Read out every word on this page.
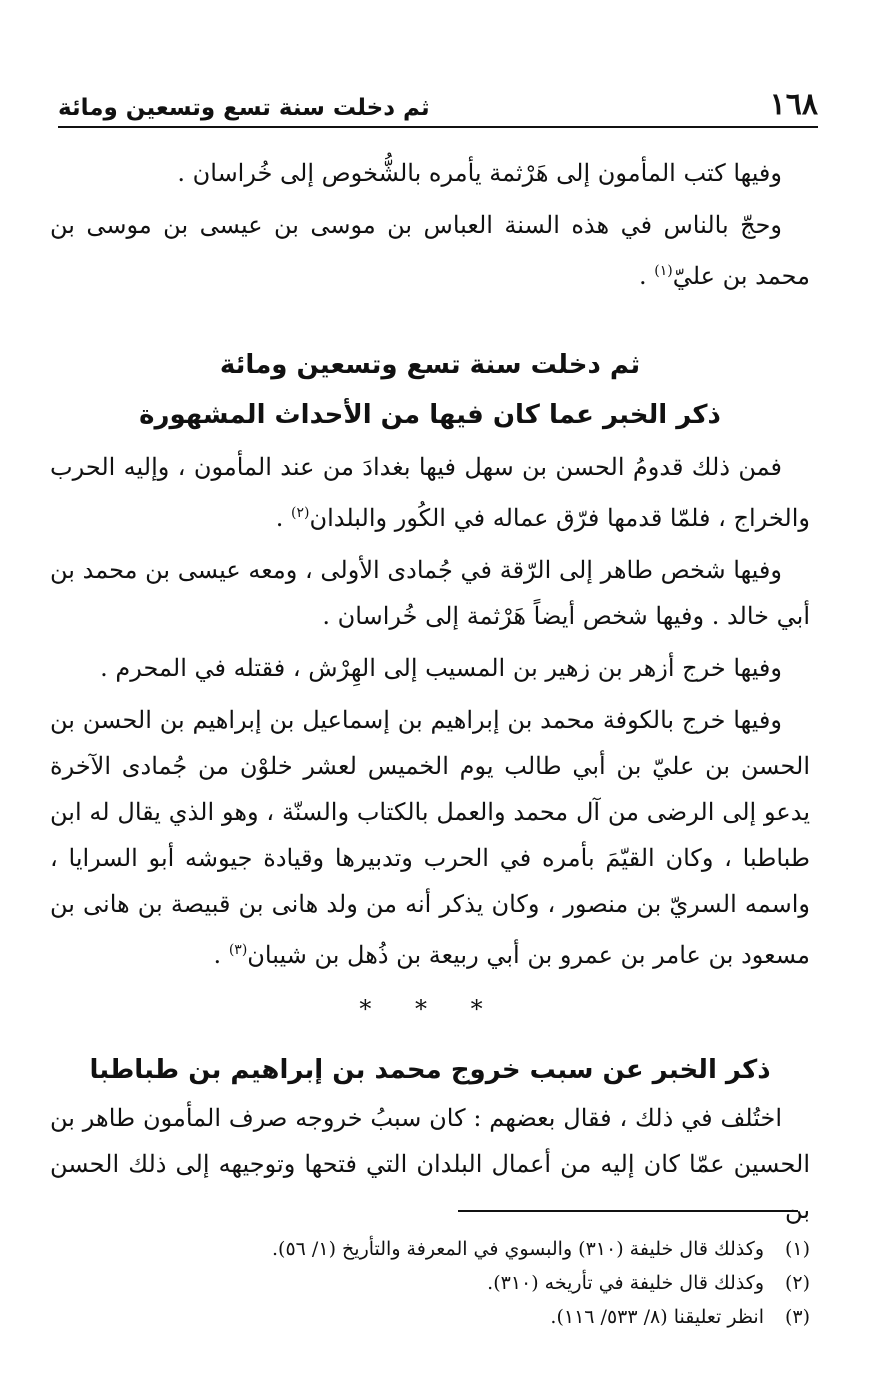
١٦٨
ثم دخلت سنة تسع وتسعين ومائة

وفيها كتب المأمون إلى هَرْثمة يأمره بالشُّخوص إلى خُراسان .

وحجّ بالناس في هذه السنة العباس بن موسى بن عيسى بن موسى بن محمد بن عليّ$^{(١)}$ .

ثم دخلت سنة تسع وتسعين ومائة
ذكر الخبر عما كان فيها من الأحداث المشهورة

فمن ذلك قدومُ الحسن بن سهل فيها بغدادَ من عند المأمون ، وإليه الحرب والخراج ، فلمّا قدمها فرّق عماله في الكُور والبلدان$^{(٢)}$ .

وفيها شخص طاهر إلى الرّقة في جُمادى الأولى ، ومعه عيسى بن محمد بن أبي خالد . وفيها شخص أيضاً هَرْثمة إلى خُراسان .

وفيها خرج أزهر بن زهير بن المسيب إلى الهِرْش ، فقتله في المحرم .

وفيها خرج بالكوفة محمد بن إبراهيم بن إسماعيل بن إبراهيم بن الحسن بن الحسن بن عليّ بن أبي طالب يوم الخميس لعشر خلوْن من جُمادى الآخرة يدعو إلى الرضى من آل محمد والعمل بالكتاب والسنّة ، وهو الذي يقال له ابن طباطبا ، وكان القيّمَ بأمره في الحرب وتدبيرها وقيادة جيوشه أبو السرايا ، واسمه السريّ بن منصور ، وكان يذكر أنه من ولد هانى بن قبيصة بن هانى بن مسعود بن عامر بن عمرو بن أبي ربيعة بن ذُهل بن شيبان$^{(٣)}$ .

* * *
ذكر الخبر عن سبب خروج محمد بن إبراهيم بن طباطبا

اختُلف في ذلك ، فقال بعضهم : كان سببُ خروجه صرف المأمون طاهر بن الحسين عمّا كان إليه من أعمال البلدان التي فتحها وتوجيهه إلى ذلك الحسن بن

(١)
وكذلك قال خليفة (٣١٠) والبسوي في المعرفة والتأريخ (١/ ٥٦).
(٢)
وكذلك قال خليفة في تأريخه (٣١٠).
(٣)
انظر تعليقنا (٨/ ٥٣٣/ ١١٦).
